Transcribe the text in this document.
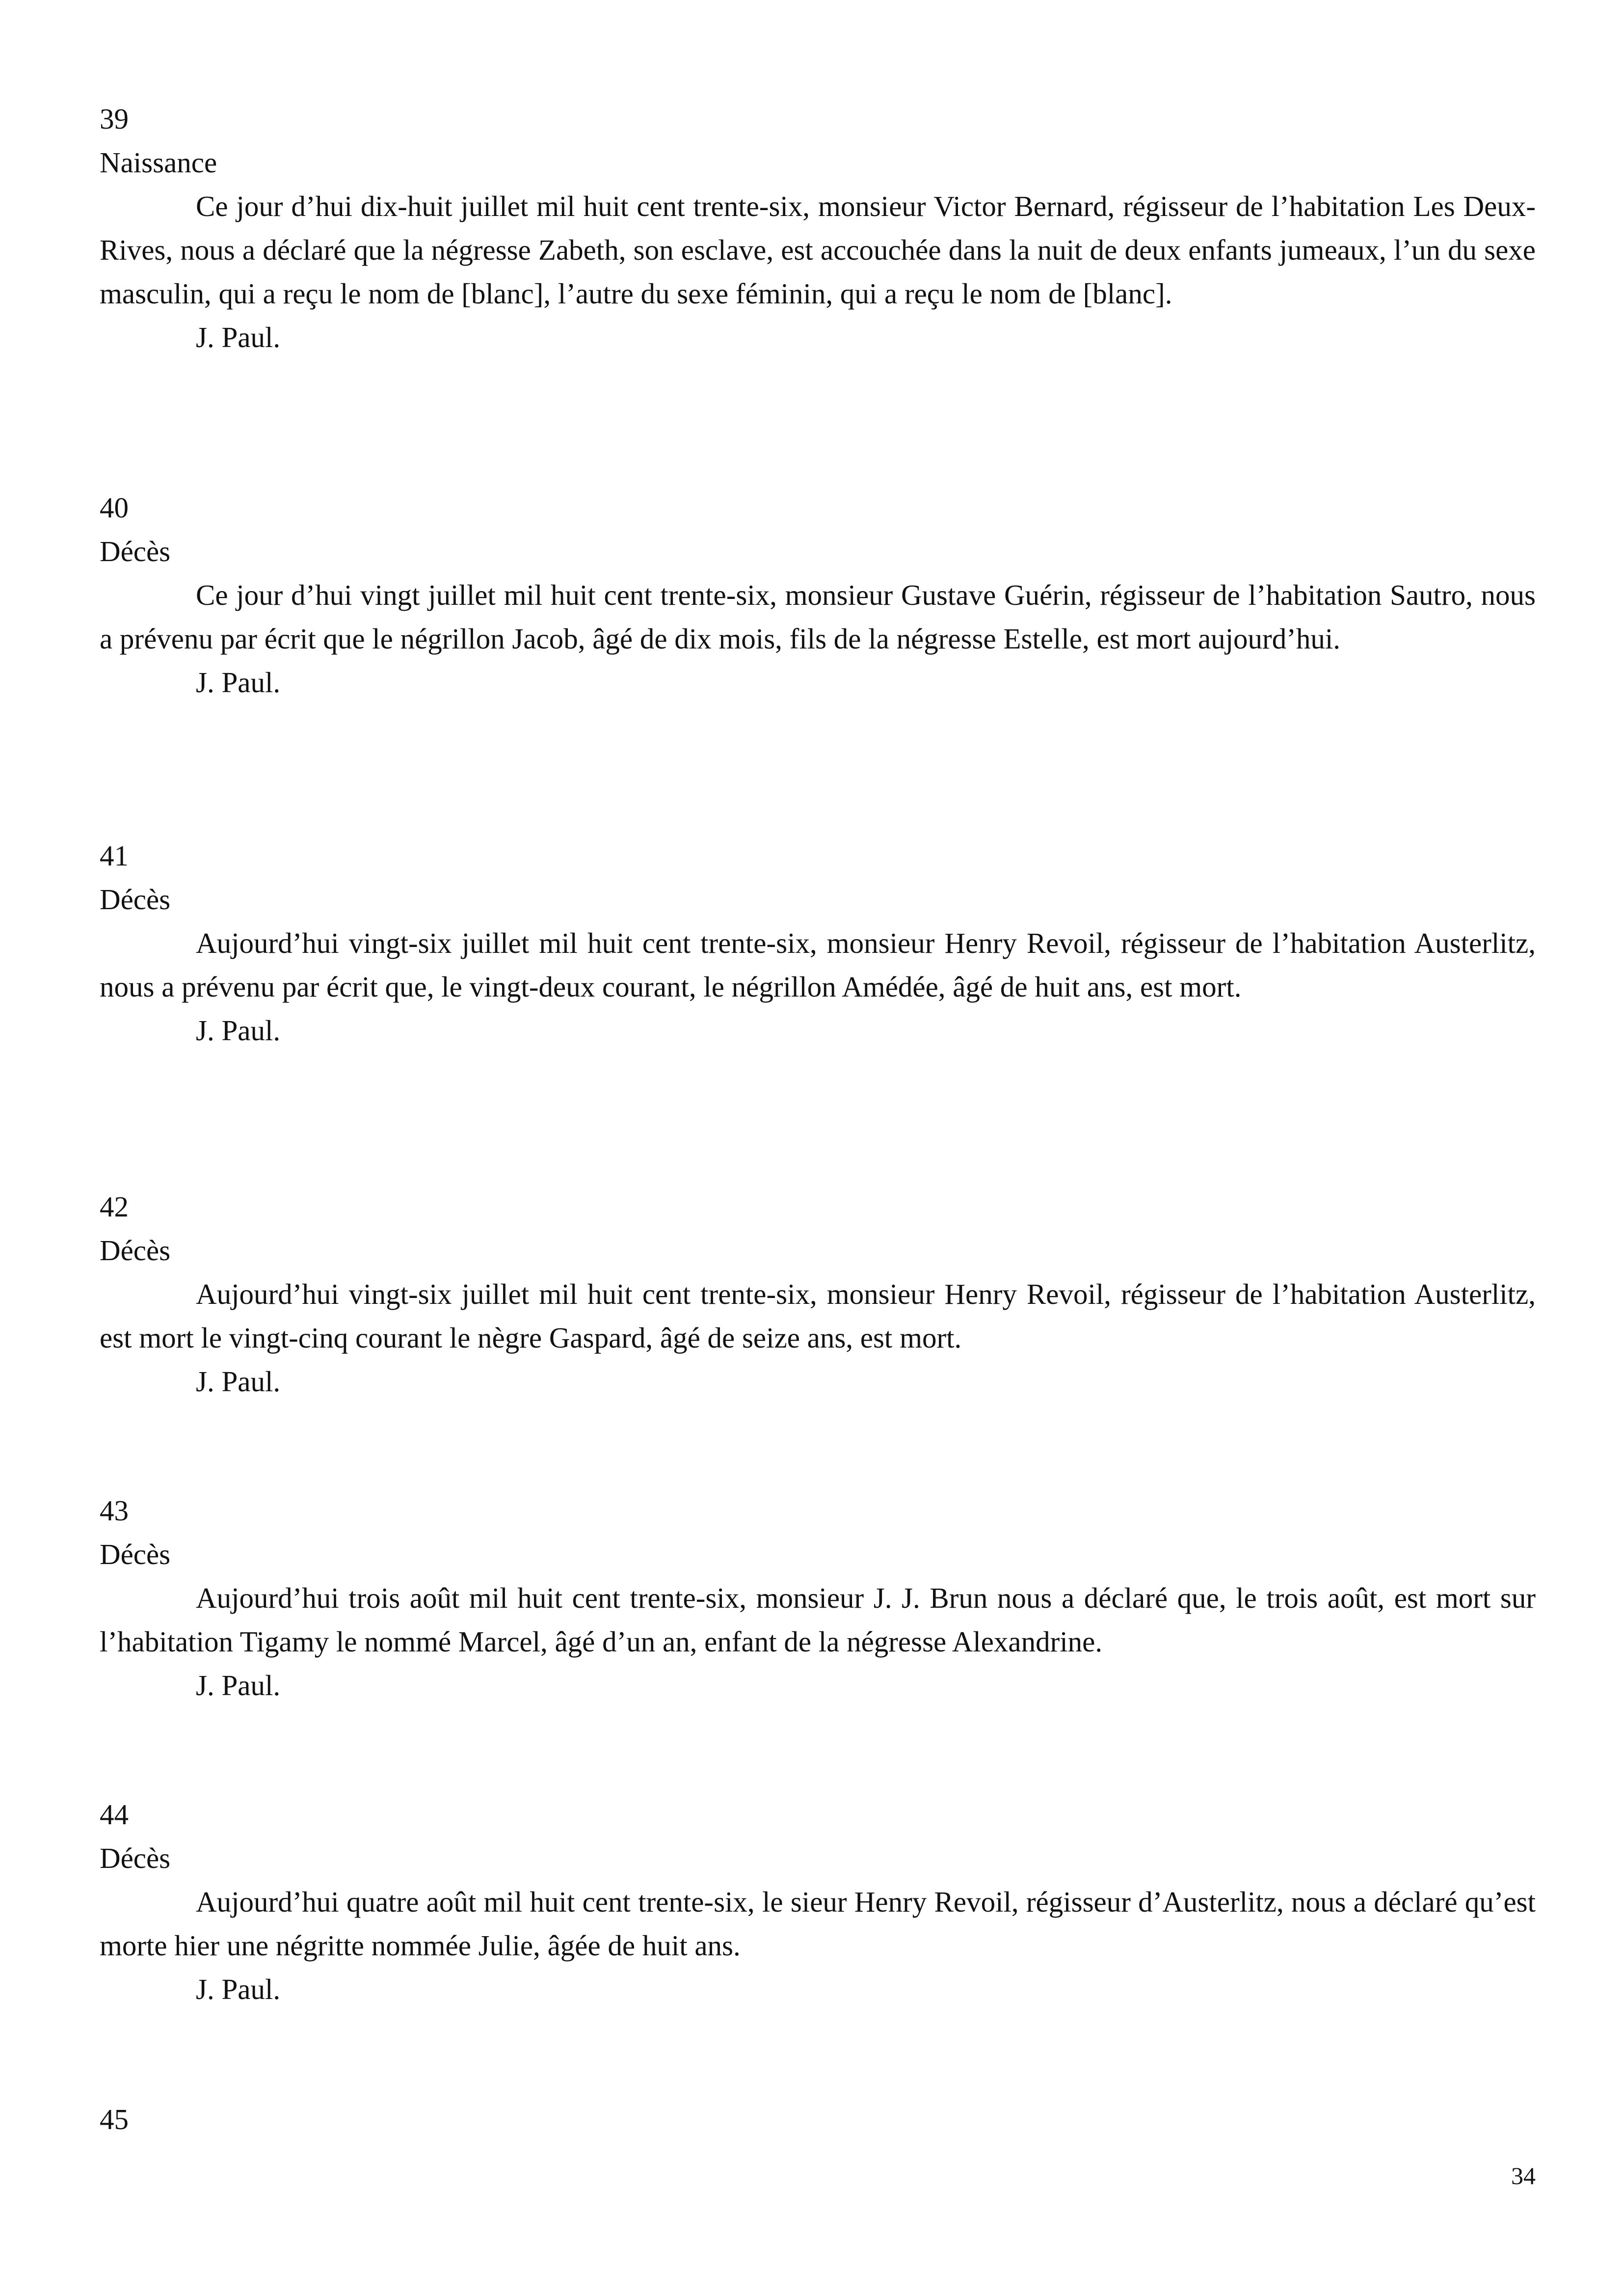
39
Naissance

Ce jour d’hui dix-huit juillet mil huit cent trente-six, monsieur Victor Bernard, régisseur de l’habitation Les Deux-Rives, nous a déclaré que la négresse Zabeth, son esclave, est accouchée dans la nuit de deux enfants jumeaux, l’un du sexe masculin, qui a reçu le nom de [blanc], l’autre du sexe féminin, qui a reçu le nom de [blanc].

J. Paul.
40
Décès

Ce jour d’hui vingt juillet mil huit cent trente-six, monsieur Gustave Guérin, régisseur de l’habitation Sautro, nous a prévenu par écrit que le négrillon Jacob, âgé de dix mois, fils de la négresse Estelle, est mort aujourd’hui.

J. Paul.
41
Décès

Aujourd’hui vingt-six juillet mil huit cent trente-six, monsieur Henry Revoil, régisseur de l’habitation Austerlitz, nous a prévenu par écrit que, le vingt-deux courant, le négrillon Amédée, âgé de huit ans, est mort.

J. Paul.
42
Décès

Aujourd’hui vingt-six juillet mil huit cent trente-six, monsieur Henry Revoil, régisseur de l’habitation Austerlitz, est mort le vingt-cinq courant le nègre Gaspard, âgé de seize ans, est mort.

J. Paul.
43
Décès

Aujourd’hui trois août mil huit cent trente-six, monsieur J. J. Brun nous a déclaré que, le trois août, est mort sur l’habitation Tigamy le nommé Marcel, âgé d’un an, enfant de la négresse Alexandrine.

J. Paul.
44
Décès

Aujourd’hui quatre août mil huit cent trente-six, le sieur Henry Revoil, régisseur d’Austerlitz, nous a déclaré qu’est morte hier une négritte nommée Julie, âgée de huit ans.

J. Paul.
45
34
